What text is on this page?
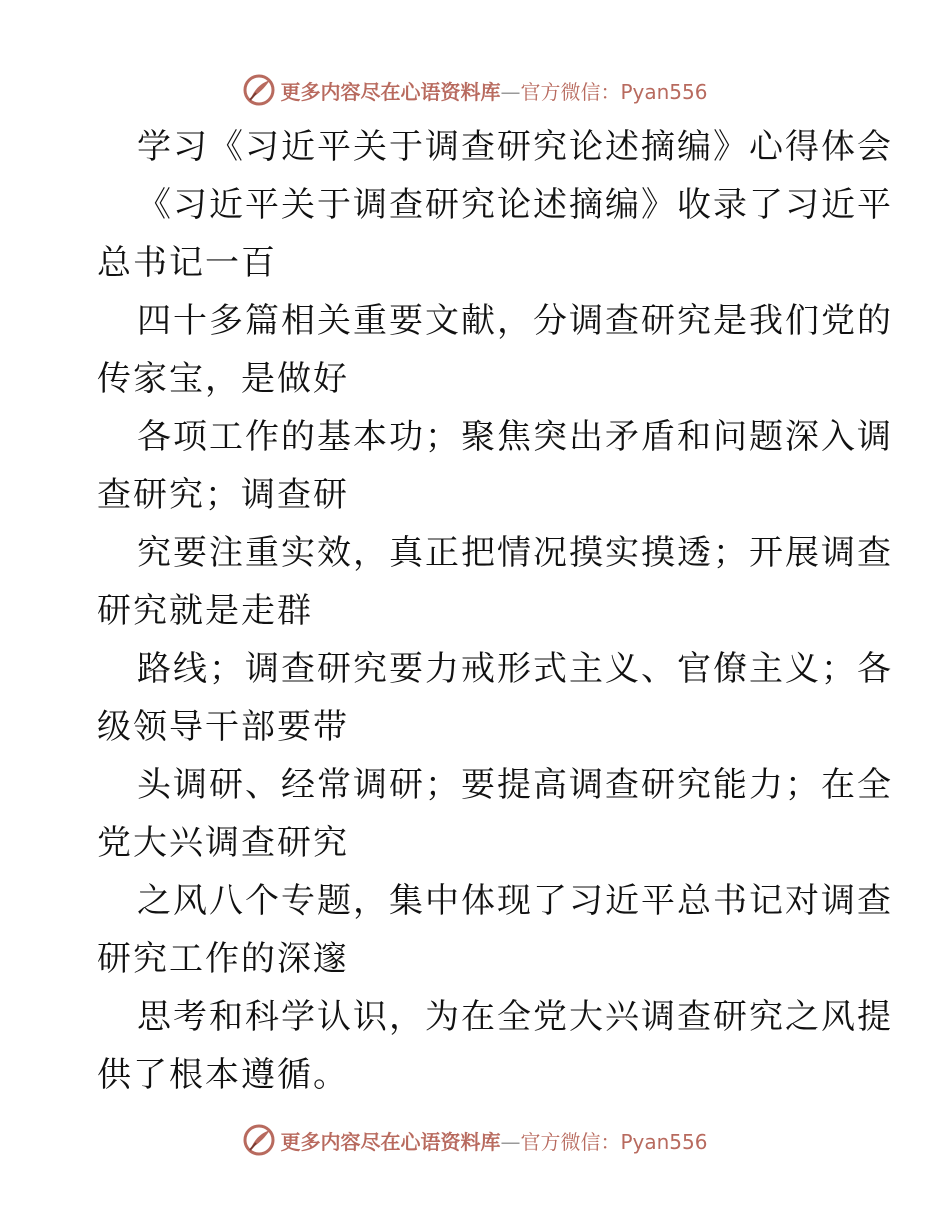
更多内容尽在心语资料库—官方微信：Pyan556
学习《习近平关于调查研究论述摘编》心得体会
《习近平关于调查研究论述摘编》收录了习近平
总书记一百
四十多篇相关重要文献，分调查研究是我们党的
传家宝，是做好
各项工作的基本功；聚焦突出矛盾和问题深入调
查研究；调查研
究要注重实效，真正把情况摸实摸透；开展调查
研究就是走群
路线；调查研究要力戒形式主义、官僚主义；各
级领导干部要带
头调研、经常调研；要提高调查研究能力；在全
党大兴调查研究
之风八个专题，集中体现了习近平总书记对调查
研究工作的深邃
思考和科学认识，为在全党大兴调查研究之风提
供了根本遵循。
更多内容尽在心语资料库—官方微信：Pyan556
